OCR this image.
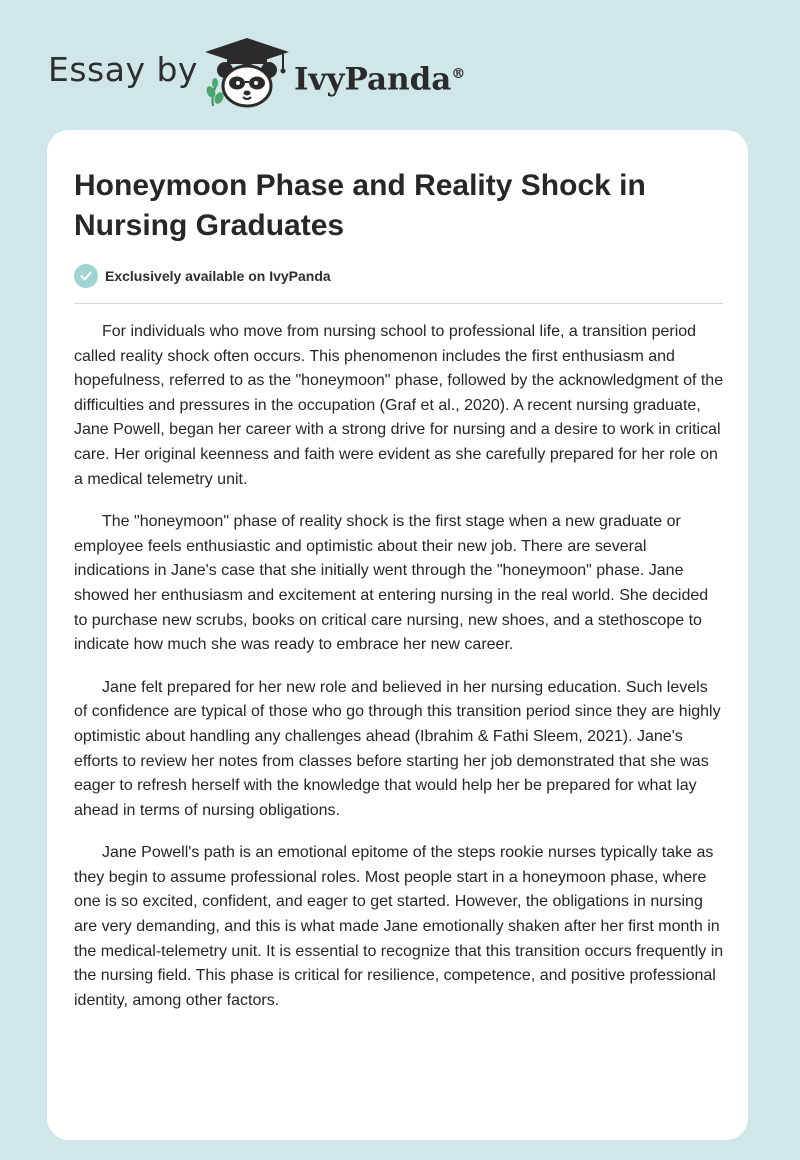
Essay by	IvyPanda®
Honeymoon Phase and Reality Shock in Nursing Graduates
Exclusively available on IvyPanda

For individuals who move from nursing school to professional life, a transition period called reality shock often occurs. This phenomenon includes the first enthusiasm and hopefulness, referred to as the "honeymoon" phase, followed by the acknowledgment of the difficulties and pressures in the occupation (Graf et al., 2020). A recent nursing graduate, Jane Powell, began her career with a strong drive for nursing and a desire to work in critical care. Her original keenness and faith were evident as she carefully prepared for her role on a medical telemetry unit.

The "honeymoon" phase of reality shock is the first stage when a new graduate or employee feels enthusiastic and optimistic about their new job. There are several indications in Jane's case that she initially went through the "honeymoon" phase. Jane showed her enthusiasm and excitement at entering nursing in the real world. She decided to purchase new scrubs, books on critical care nursing, new shoes, and a stethoscope to indicate how much she was ready to embrace her new career.

Jane felt prepared for her new role and believed in her nursing education. Such levels of confidence are typical of those who go through this transition period since they are highly optimistic about handling any challenges ahead (Ibrahim & Fathi Sleem, 2021). Jane's efforts to review her notes from classes before starting her job demonstrated that she was eager to refresh herself with the knowledge that would help her be prepared for what lay ahead in terms of nursing obligations.

Jane Powell's path is an emotional epitome of the steps rookie nurses typically take as they begin to assume professional roles. Most people start in a honeymoon phase, where one is so excited, confident, and eager to get started. However, the obligations in nursing are very demanding, and this is what made Jane emotionally shaken after her first month in the medical-telemetry unit. It is essential to recognize that this transition occurs frequently in the nursing field. This phase is critical for resilience, competence, and positive professional identity, among other factors.
